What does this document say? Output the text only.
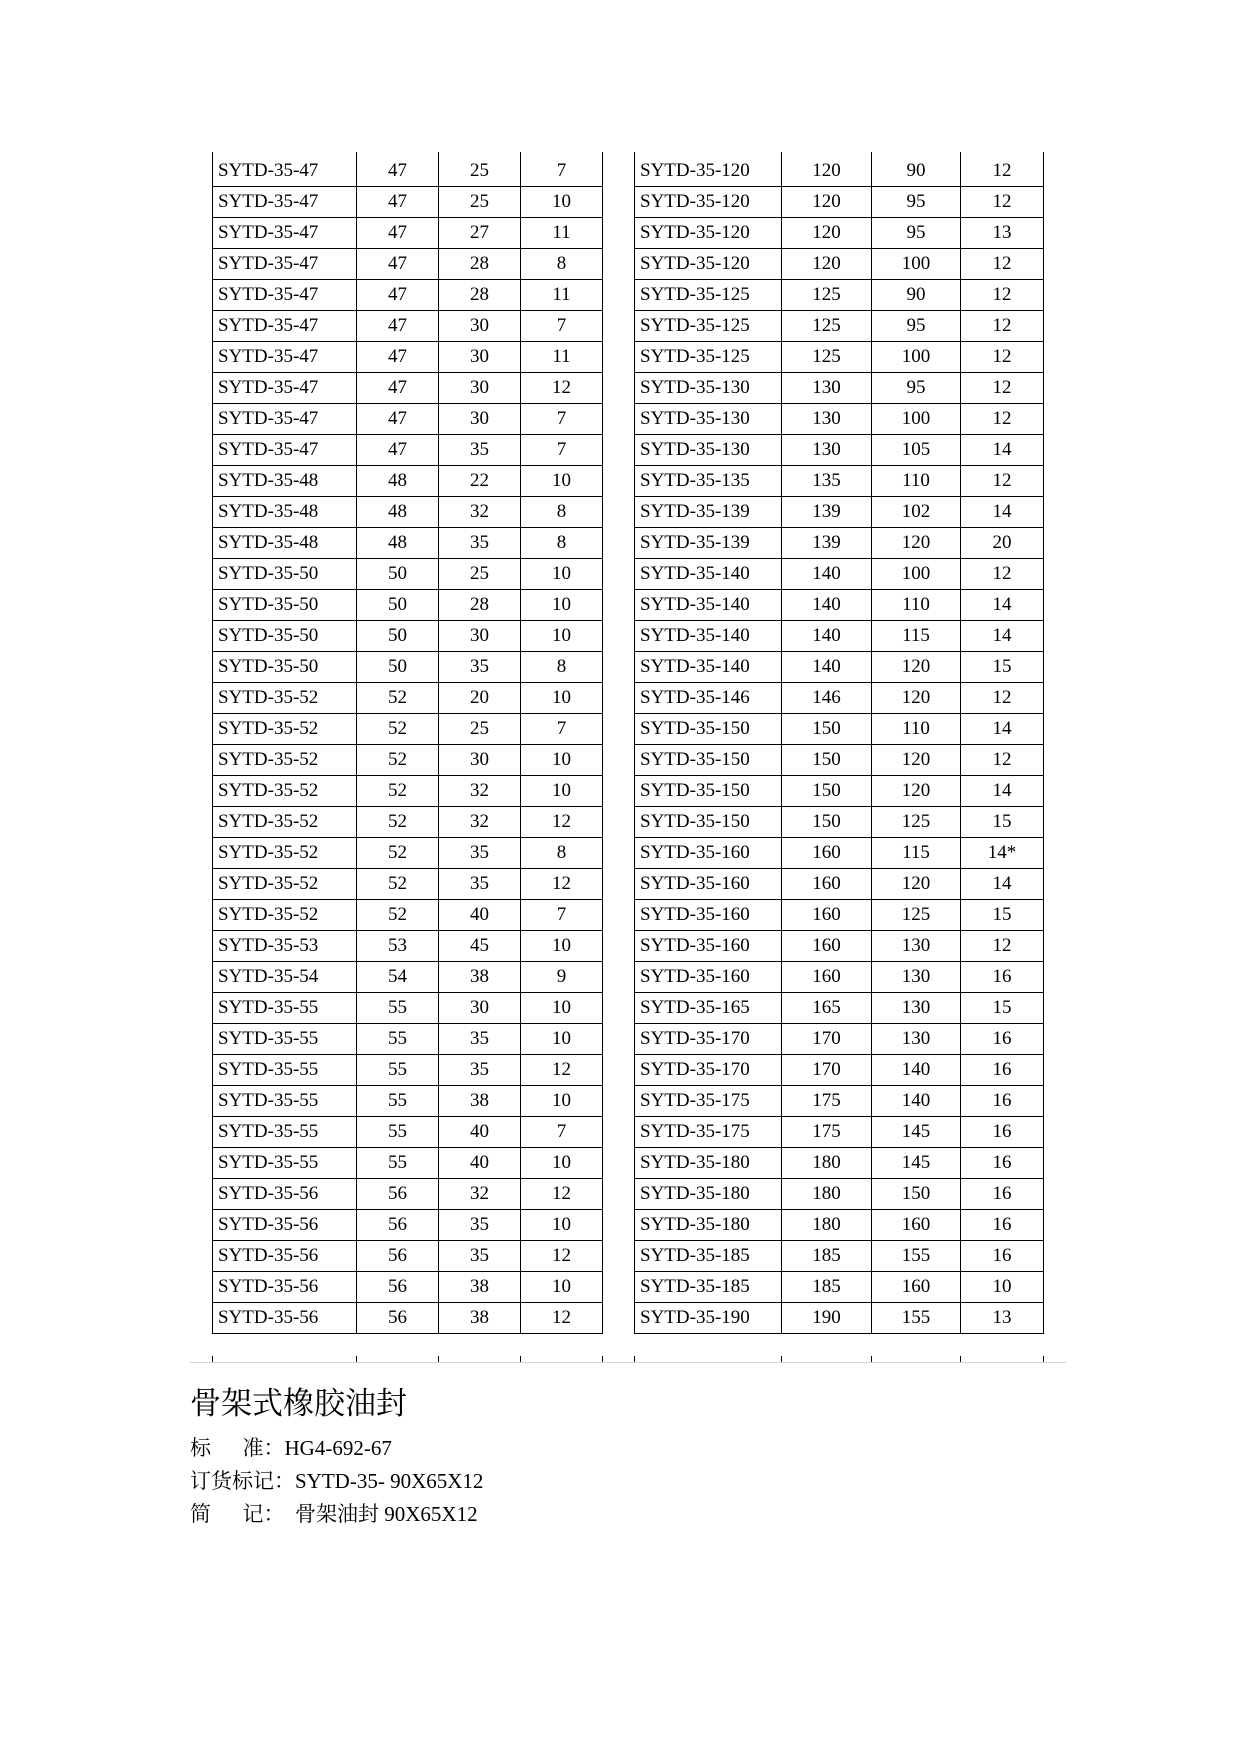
SYTD-35-47	47	25	7
SYTD-35-47	47	25	10
SYTD-35-47	47	27	11
SYTD-35-47	47	28	8
SYTD-35-47	47	28	11
SYTD-35-47	47	30	7
SYTD-35-47	47	30	11
SYTD-35-47	47	30	12
SYTD-35-47	47	30	7
SYTD-35-47	47	35	7
SYTD-35-48	48	22	10
SYTD-35-48	48	32	8
SYTD-35-48	48	35	8
SYTD-35-50	50	25	10
SYTD-35-50	50	28	10
SYTD-35-50	50	30	10
SYTD-35-50	50	35	8
SYTD-35-52	52	20	10
SYTD-35-52	52	25	7
SYTD-35-52	52	30	10
SYTD-35-52	52	32	10
SYTD-35-52	52	32	12
SYTD-35-52	52	35	8
SYTD-35-52	52	35	12
SYTD-35-52	52	40	7
SYTD-35-53	53	45	10
SYTD-35-54	54	38	9
SYTD-35-55	55	30	10
SYTD-35-55	55	35	10
SYTD-35-55	55	35	12
SYTD-35-55	55	38	10
SYTD-35-55	55	40	7
SYTD-35-55	55	40	10
SYTD-35-56	56	32	12
SYTD-35-56	56	35	10
SYTD-35-56	56	35	12
SYTD-35-56	56	38	10
SYTD-35-56	56	38	12
SYTD-35-120	120	90	12
SYTD-35-120	120	95	12
SYTD-35-120	120	95	13
SYTD-35-120	120	100	12
SYTD-35-125	125	90	12
SYTD-35-125	125	95	12
SYTD-35-125	125	100	12
SYTD-35-130	130	95	12
SYTD-35-130	130	100	12
SYTD-35-130	130	105	14
SYTD-35-135	135	110	12
SYTD-35-139	139	102	14
SYTD-35-139	139	120	20
SYTD-35-140	140	100	12
SYTD-35-140	140	110	14
SYTD-35-140	140	115	14
SYTD-35-140	140	120	15
SYTD-35-146	146	120	12
SYTD-35-150	150	110	14
SYTD-35-150	150	120	12
SYTD-35-150	150	120	14
SYTD-35-150	150	125	15
SYTD-35-160	160	115	14*
SYTD-35-160	160	120	14
SYTD-35-160	160	125	15
SYTD-35-160	160	130	12
SYTD-35-160	160	130	16
SYTD-35-165	165	130	15
SYTD-35-170	170	130	16
SYTD-35-170	170	140	16
SYTD-35-175	175	140	16
SYTD-35-175	175	145	16
SYTD-35-180	180	145	16
SYTD-35-180	180	150	16
SYTD-35-180	180	160	16
SYTD-35-185	185	155	16
SYTD-35-185	185	160	10
SYTD-35-190	190	155	13
骨架式橡胶油封
标      准：HG4-692-67
订货标记：SYTD-35- 90X65X12
简      记：  骨架油封 90X65X12
